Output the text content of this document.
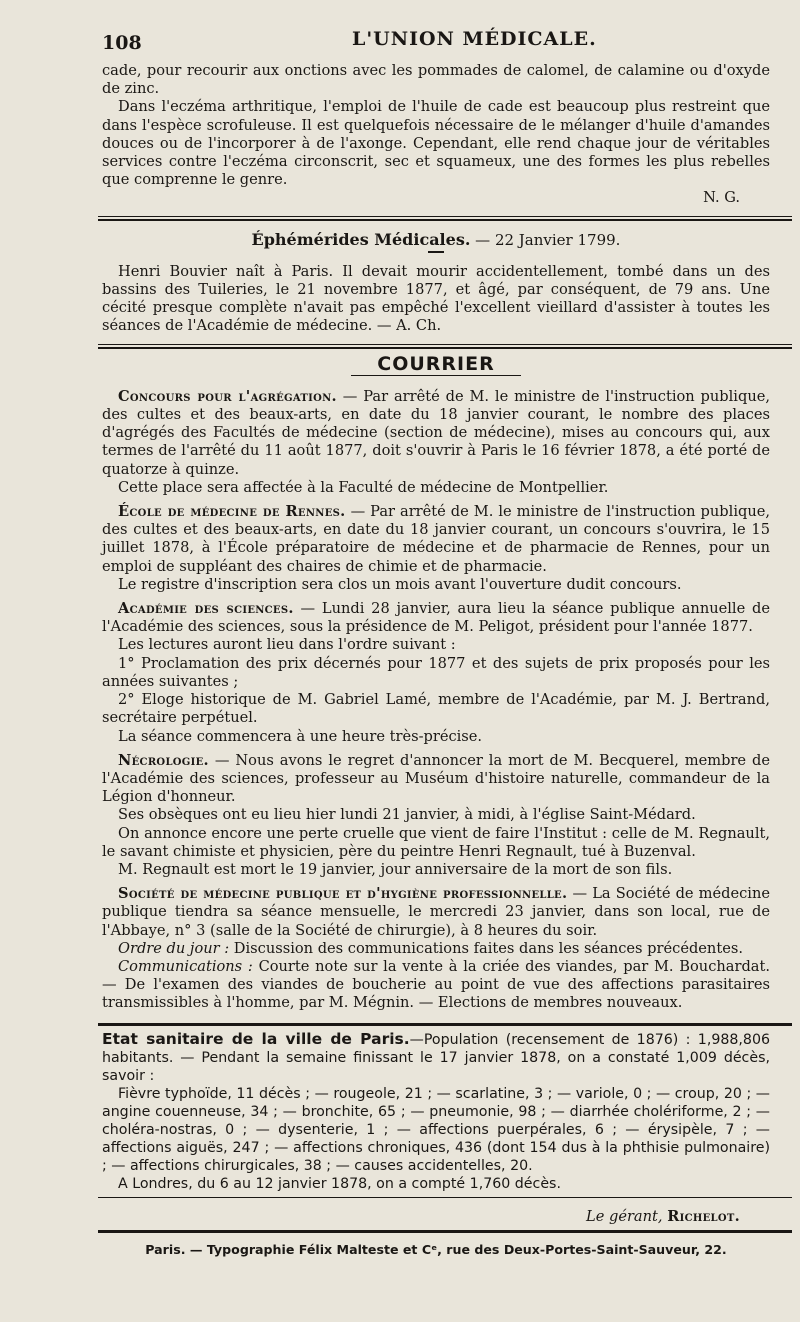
108	L'UNION MÉDICALE.

cade, pour recourir aux onctions avec les pommades de calomel, de calamine ou d'oxyde de zinc.

Dans l'eczéma arthritique, l'emploi de l'huile de cade est beaucoup plus restreint que dans l'espèce scrofuleuse. Il est quelquefois nécessaire de le mélanger d'huile d'amandes douces ou de l'incorporer à de l'axonge. Cependant, elle rend chaque jour de véritables services contre l'eczéma circonscrit, sec et squameux, une des formes les plus rebelles que comprenne le genre.

N. G.

Éphémérides Médicales. — 22 Janvier 1799.

Henri Bouvier naît à Paris. Il devait mourir accidentellement, tombé dans un des bassins des Tuileries, le 21 novembre 1877, et âgé, par conséquent, de 79 ans. Une cécité presque complète n'avait pas empêché l'excellent vieillard d'assister à toutes les séances de l'Académie de médecine. — A. Ch.

COURRIER

Concours pour l'agrégation. — Par arrêté de M. le ministre de l'instruction publique, des cultes et des beaux-arts, en date du 18 janvier courant, le nombre des places d'agrégés des Facultés de médecine (section de médecine), mises au concours qui, aux termes de l'arrêté du 11 août 1877, doit s'ouvrir à Paris le 16 février 1878, a été porté de quatorze à quinze.

Cette place sera affectée à la Faculté de médecine de Montpellier.

École de médecine de Rennes. — Par arrêté de M. le ministre de l'instruction publique, des cultes et des beaux-arts, en date du 18 janvier courant, un concours s'ouvrira, le 15 juillet 1878, à l'École préparatoire de médecine et de pharmacie de Rennes, pour un emploi de suppléant des chaires de chimie et de pharmacie.

Le registre d'inscription sera clos un mois avant l'ouverture dudit concours.

Académie des sciences. — Lundi 28 janvier, aura lieu la séance publique annuelle de l'Académie des sciences, sous la présidence de M. Peligot, président pour l'année 1877.

Les lectures auront lieu dans l'ordre suivant :

1° Proclamation des prix décernés pour 1877 et des sujets de prix proposés pour les années suivantes ;

2° Eloge historique de M. Gabriel Lamé, membre de l'Académie, par M. J. Bertrand, secrétaire perpétuel.

La séance commencera à une heure très-précise.

Nécrologie. — Nous avons le regret d'annoncer la mort de M. Becquerel, membre de l'Académie des sciences, professeur au Muséum d'histoire naturelle, commandeur de la Légion d'honneur.

Ses obsèques ont eu lieu hier lundi 21 janvier, à midi, à l'église Saint-Médard.

On annonce encore une perte cruelle que vient de faire l'Institut : celle de M. Regnault, le savant chimiste et physicien, père du peintre Henri Regnault, tué à Buzenval.

M. Regnault est mort le 19 janvier, jour anniversaire de la mort de son fils.

Société de médecine publique et d'hygiène professionnelle. — La Société de médecine publique tiendra sa séance mensuelle, le mercredi 23 janvier, dans son local, rue de l'Abbaye, n° 3 (salle de la Société de chirurgie), à 8 heures du soir.

Ordre du jour : Discussion des communications faites dans les séances précédentes.

Communications : Courte note sur la vente à la criée des viandes, par M. Bouchardat. — De l'examen des viandes de boucherie au point de vue des affections parasitaires transmissibles à l'homme, par M. Mégnin. — Elections de membres nouveaux.

Etat sanitaire de la ville de Paris.—Population (recensement de 1876) : 1,988,806 habitants. — Pendant la semaine finissant le 17 janvier 1878, on a constaté 1,009 décès, savoir :

Fièvre typhoïde, 11 décès ; — rougeole, 21 ; — scarlatine, 3 ; — variole, 0 ; — croup, 20 ; — angine couenneuse, 34 ; — bronchite, 65 ; — pneumonie, 98 ; — diarrhée cholériforme, 2 ; — choléra-nostras, 0 ; — dysenterie, 1 ; — affections puerpérales, 6 ; — érysipèle, 7 ; — affections aiguës, 247 ; — affections chroniques, 436 (dont 154 dus à la phthisie pulmonaire) ; — affections chirurgicales, 38 ; — causes accidentelles, 20.

A Londres, du 6 au 12 janvier 1878, on a compté 1,760 décès.

Le gérant, Richelot.

Paris. — Typographie Félix Malteste et Cᵉ, rue des Deux-Portes-Saint-Sauveur, 22.
